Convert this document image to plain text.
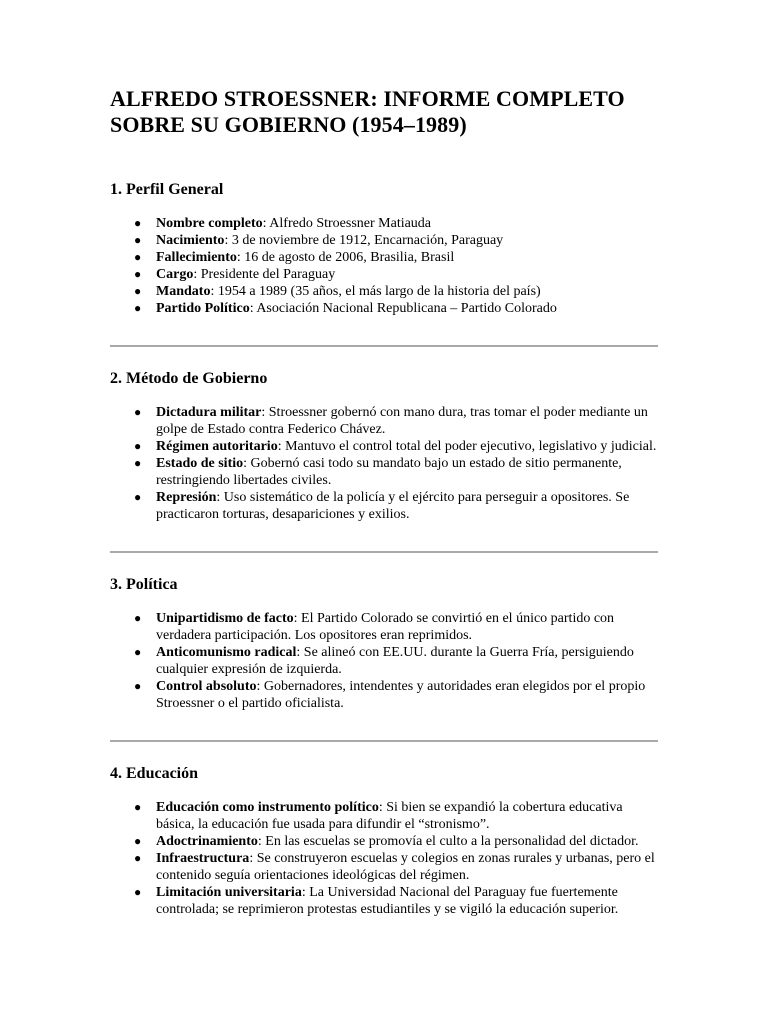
ALFREDO STROESSNER: INFORME COMPLETO SOBRE SU GOBIERNO (1954–1989)
1. Perfil General
● Nombre completo: Alfredo Stroessner Matiauda
● Nacimiento: 3 de noviembre de 1912, Encarnación, Paraguay
● Fallecimiento: 16 de agosto de 2006, Brasilia, Brasil
● Cargo: Presidente del Paraguay
● Mandato: 1954 a 1989 (35 años, el más largo de la historia del país)
● Partido Político: Asociación Nacional Republicana – Partido Colorado
2. Método de Gobierno
● Dictadura militar: Stroessner gobernó con mano dura, tras tomar el poder mediante un golpe de Estado contra Federico Chávez.
● Régimen autoritario: Mantuvo el control total del poder ejecutivo, legislativo y judicial.
● Estado de sitio: Gobernó casi todo su mandato bajo un estado de sitio permanente, restringiendo libertades civiles.
● Represión: Uso sistemático de la policía y el ejército para perseguir a opositores. Se practicaron torturas, desapariciones y exilios.
3. Política
● Unipartidismo de facto: El Partido Colorado se convirtió en el único partido con verdadera participación. Los opositores eran reprimidos.
● Anticomunismo radical: Se alineó con EE.UU. durante la Guerra Fría, persiguiendo cualquier expresión de izquierda.
● Control absoluto: Gobernadores, intendentes y autoridades eran elegidos por el propio Stroessner o el partido oficialista.
4. Educación
● Educación como instrumento político: Si bien se expandió la cobertura educativa básica, la educación fue usada para difundir el “stronismo”.
● Adoctrinamiento: En las escuelas se promovía el culto a la personalidad del dictador.
● Infraestructura: Se construyeron escuelas y colegios en zonas rurales y urbanas, pero el contenido seguía orientaciones ideológicas del régimen.
● Limitación universitaria: La Universidad Nacional del Paraguay fue fuertemente controlada; se reprimieron protestas estudiantiles y se vigiló la educación superior.
